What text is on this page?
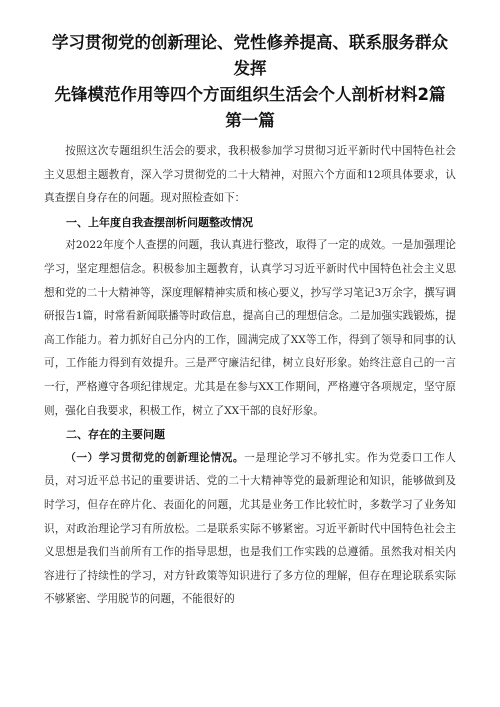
学习贯彻党的创新理论、党性修养提高、联系服务群众发挥
先锋模范作用等四个方面组织生活会个人剖析材料2篇
第一篇

按照这次专题组织生活会的要求，我积极参加学习贯彻习近平新时代中国特色社会主义思想主题教育，深入学习贯彻党的二十大精神，对照六个方面和12项具体要求，认真查摆自身存在的问题。现对照检查如下：

一、上年度自我查摆剖析问题整改情况

对2022年度个人查摆的问题，我认真进行整改，取得了一定的成效。一是加强理论学习，坚定理想信念。积极参加主题教育，认真学习习近平新时代中国特色社会主义思想和党的二十大精神等，深度理解精神实质和核心要义，抄写学习笔记3万余字，撰写调研报告1篇，时常看新闻联播等时政信息，提高自己的理想信念。二是加强实践锻炼，提高工作能力。着力抓好自己分内的工作，圆满完成了XX等工作，得到了领导和同事的认可，工作能力得到有效提升。三是严守廉洁纪律，树立良好形象。始终注意自己的一言一行，严格遵守各项纪律规定。尤其是在参与XX工作期间，严格遵守各项规定，坚守原则，强化自我要求，积极工作，树立了XX干部的良好形象。

二、存在的主要问题

（一）学习贯彻党的创新理论情况。一是理论学习不够扎实。作为党委口工作人员，对习近平总书记的重要讲话、党的二十大精神等党的最新理论和知识，能够做到及时学习，但存在碎片化、表面化的问题，尤其是业务工作比较忙时，多数学习了业务知识，对政治理论学习有所放松。二是联系实际不够紧密。习近平新时代中国特色社会主义思想是我们当前所有工作的指导思想，也是我们工作实践的总遵循。虽然我对相关内容进行了持续性的学习，对方针政策等知识进行了多方位的理解，但存在理论联系实际不够紧密、学用脱节的问题，不能很好的
